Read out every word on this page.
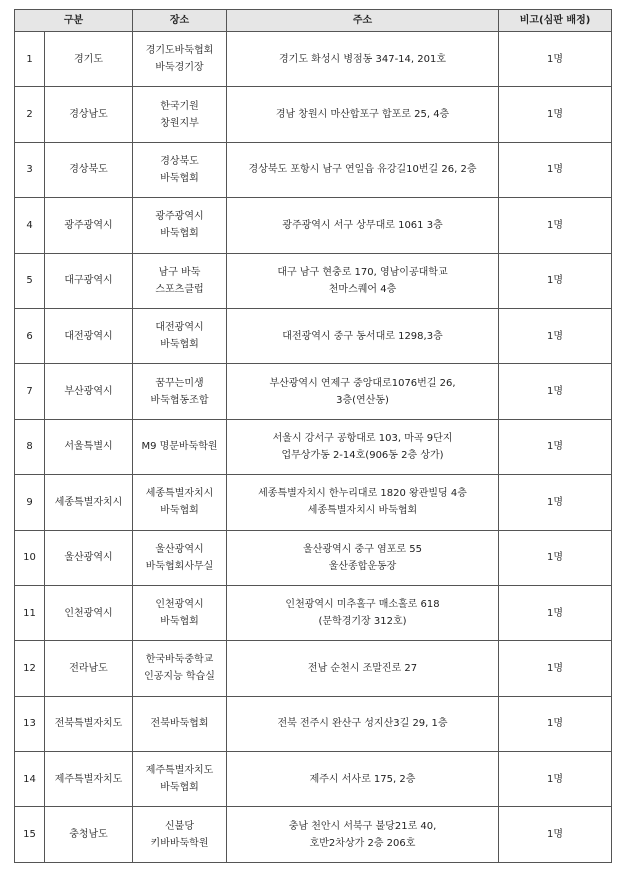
구분		장소	주소	비고(심판 배정)
1	경기도	경기도바둑협회
바둑경기장	경기도 화성시 병점동 347-14, 201호	1명
2	경상남도	한국기원
창원지부	경남 창원시 마산합포구 합포로 25, 4층	1명
3	경상북도	경상북도
바둑협회	경상북도 포항시 남구 연일읍 유강길10번길 26, 2층	1명
4	광주광역시	광주광역시
바둑협회	광주광역시 서구 상무대로 1061 3층	1명
5	대구광역시	남구 바둑
스포츠클럽	대구 남구 현충로 170, 영남이공대학교
천마스퀘어 4층	1명
6	대전광역시	대전광역시
바둑협회	대전광역시 중구 동서대로 1298,3층	1명
7	부산광역시	꿈꾸는미생
바둑협동조합	부산광역시 연제구 중앙대로1076번길 26,
3층(연산동)	1명
8	서울특별시	M9 명문바둑학원	서울시 강서구 공항대로 103, 마곡 9단지
업무상가동 2-14호(906동 2층 상가)	1명
9	세종특별자치시	세종특별자치시
바둑협회	세종특별자치시 한누리대로 1820 왕관빌딩 4층
세종특별자치시 바둑협회	1명
10	울산광역시	울산광역시
바둑협회사무실	울산광역시 중구 염포로 55
울산종합운동장	1명
11	인천광역시	인천광역시
바둑협회	인천광역시 미추홀구 매소홀로 618
(문학경기장 312호)	1명
12	전라남도	한국바둑중학교
인공지능 학습실	전남 순천시 조말진로 27	1명
13	전북특별자치도	전북바둑협회	전북 전주시 완산구 성지산3길 29, 1층	1명
14	제주특별자치도	제주특별자치도
바둑협회	제주시 서사로 175, 2층	1명
15	충청남도	신불당
키바바둑학원	충남 천안시 서북구 불당21로 40,
호반2차상가 2층 206호	1명
